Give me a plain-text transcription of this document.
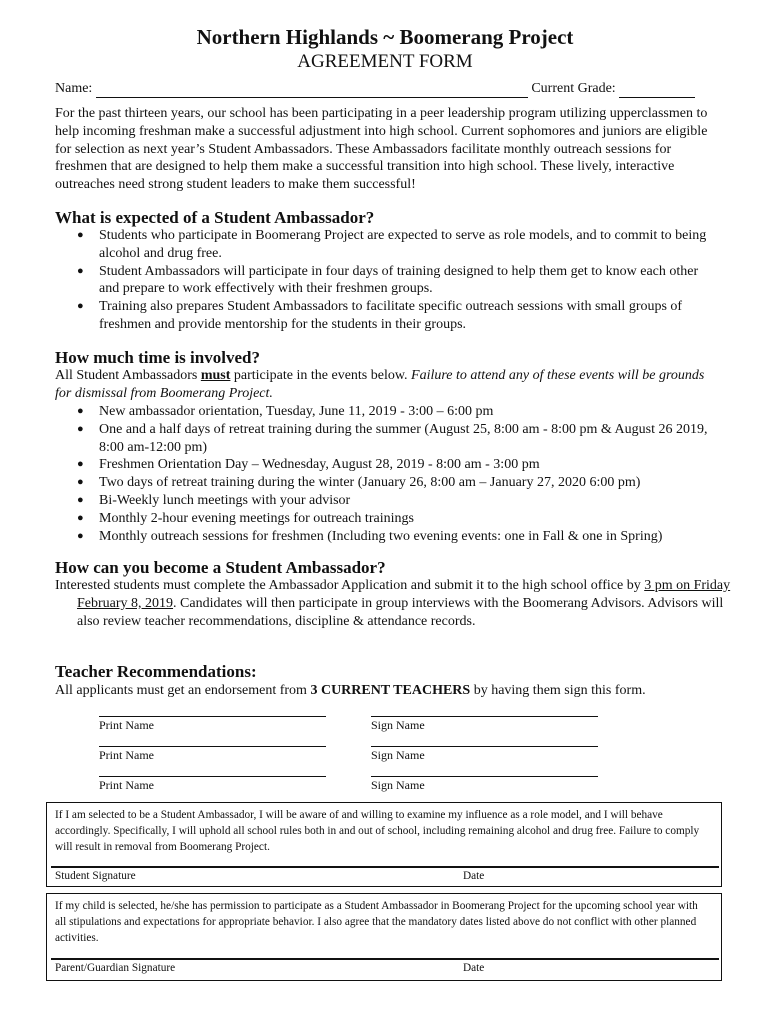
Northern Highlands ~ Boomerang Project
AGREEMENT FORM
Name:	Current Grade:
For the past thirteen years, our school has been participating in a peer leadership program utilizing upperclassmen to help incoming freshman make a successful adjustment into high school. Current sophomores and juniors are eligible for selection as next year’s Student Ambassadors. These Ambassadors facilitate monthly outreach sessions for freshmen that are designed to help them make a successful transition into high school. These lively, interactive outreaches need strong student leaders to make them successful!
What is expected of a Student Ambassador?
● Students who participate in Boomerang Project are expected to serve as role models, and to commit to being alcohol and drug free.
● Student Ambassadors will participate in four days of training designed to help them get to know each other and prepare to work effectively with their freshmen groups.
● Training also prepares Student Ambassadors to facilitate specific outreach sessions with small groups of freshmen and provide mentorship for the students in their groups.
How much time is involved?
All Student Ambassadors must participate in the events below. Failure to attend any of these events will be grounds for dismissal from Boomerang Project.
● New ambassador orientation, Tuesday, June 11, 2019 - 3:00 – 6:00 pm
● One and a half days of retreat training during the summer (August 25, 8:00 am - 8:00 pm & August 26 2019, 8:00 am-12:00 pm)
● Freshmen Orientation Day – Wednesday, August 28, 2019 - 8:00 am - 3:00 pm
● Two days of retreat training during the winter (January 26, 8:00 am – January 27, 2020 6:00 pm)
● Bi-Weekly lunch meetings with your advisor
● Monthly 2-hour evening meetings for outreach trainings
● Monthly outreach sessions for freshmen (Including two evening events: one in Fall & one in Spring)
How can you become a Student Ambassador?
Interested students must complete the Ambassador Application and submit it to the high school office by 3 pm on Friday February 8, 2019. Candidates will then participate in group interviews with the Boomerang Advisors. Advisors will also review teacher recommendations, discipline & attendance records.
Teacher Recommendations:
All applicants must get an endorsement from 3 CURRENT TEACHERS by having them sign this form.
Print Name	Sign Name
Print Name	Sign Name
Print Name	Sign Name
If I am selected to be a Student Ambassador, I will be aware of and willing to examine my influence as a role model, and I will behave accordingly. Specifically, I will uphold all school rules both in and out of school, including remaining alcohol and drug free. Failure to comply will result in removal from Boomerang Project.
Student Signature	Date
If my child is selected, he/she has permission to participate as a Student Ambassador in Boomerang Project for the upcoming school year with all stipulations and expectations for appropriate behavior. I also agree that the mandatory dates listed above do not conflict with other planned activities.
Parent/Guardian Signature	Date
